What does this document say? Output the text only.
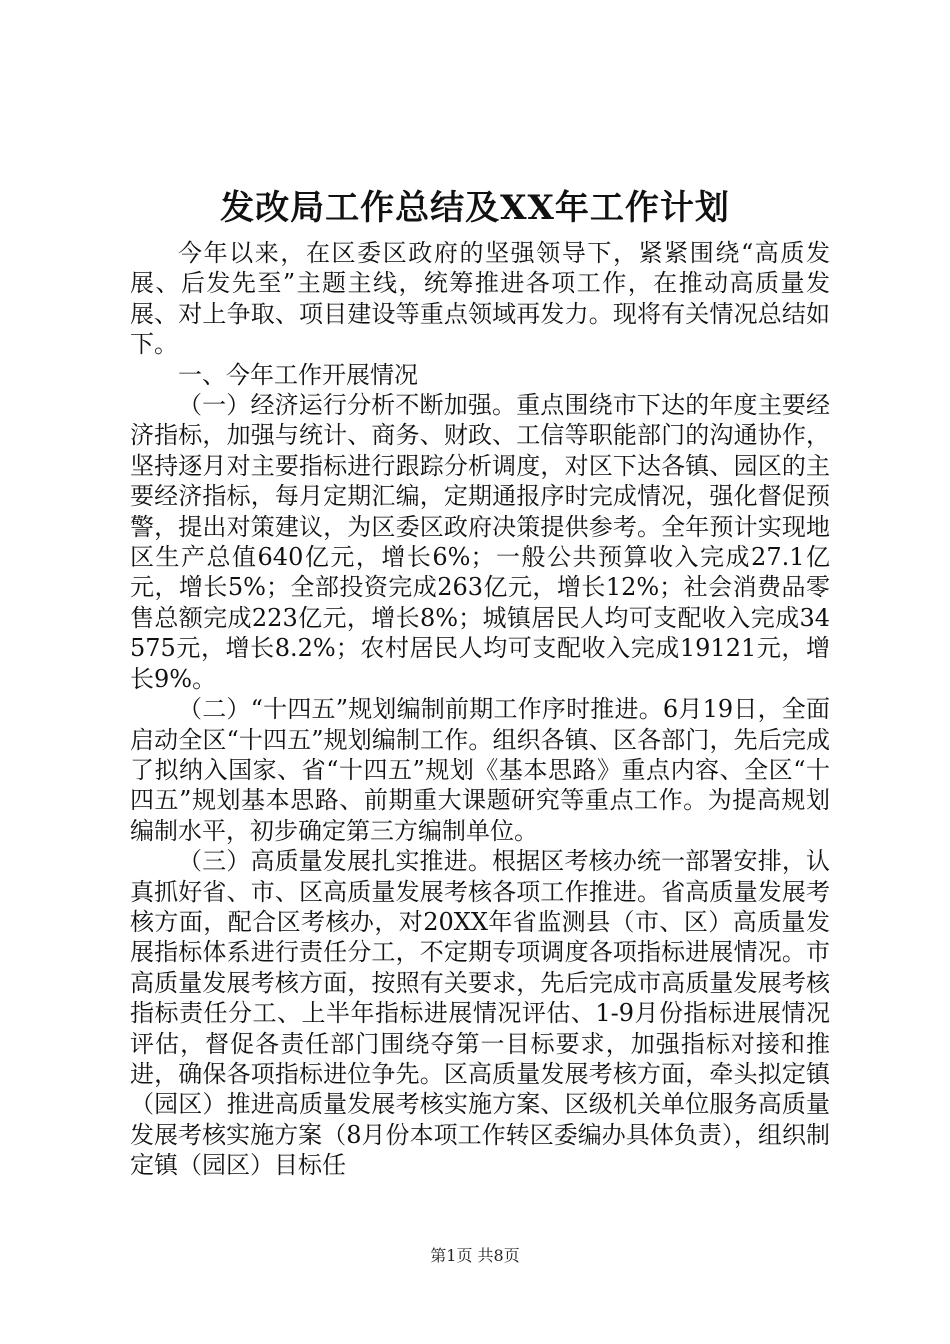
发改局工作总结及XX年工作计划

今年以来，在区委区政府的坚强领导下，紧紧围绕“高质发展、后发先至”主题主线，统筹推进各项工作，在推动高质量发展、对上争取、项目建设等重点领域再发力。现将有关情况总结如下。

一、今年工作开展情况

（一）经济运行分析不断加强。重点围绕市下达的年度主要经济指标，加强与统计、商务、财政、工信等职能部门的沟通协作，坚持逐月对主要指标进行跟踪分析调度，对区下达各镇、园区的主要经济指标，每月定期汇编，定期通报序时完成情况，强化督促预警，提出对策建议，为区委区政府决策提供参考。全年预计实现地区生产总值640亿元，增长6%；一般公共预算收入完成27.1亿元，增长5%；全部投资完成263亿元，增长12%；社会消费品零售总额完成223亿元，增长8%；城镇居民人均可支配收入完成34575元，增长8.2%；农村居民人均可支配收入完成19121元，增长9%。

（二）“十四五”规划编制前期工作序时推进。6月19日，全面启动全区“十四五”规划编制工作。组织各镇、区各部门，先后完成了拟纳入国家、省“十四五”规划《基本思路》重点内容、全区“十四五”规划基本思路、前期重大课题研究等重点工作。为提高规划编制水平，初步确定第三方编制单位。

（三）高质量发展扎实推进。根据区考核办统一部署安排，认真抓好省、市、区高质量发展考核各项工作推进。省高质量发展考核方面，配合区考核办，对20XX年省监测县（市、区）高质量发展指标体系进行责任分工，不定期专项调度各项指标进展情况。市高质量发展考核方面，按照有关要求，先后完成市高质量发展考核指标责任分工、上半年指标进展情况评估、1-9月份指标进展情况评估，督促各责任部门围绕夺第一目标要求，加强指标对接和推进，确保各项指标进位争先。区高质量发展考核方面，牵头拟定镇（园区）推进高质量发展考核实施方案、区级机关单位服务高质量发展考核实施方案（8月份本项工作转区委编办具体负责），组织制定镇（园区）目标任

第1页 共8页
